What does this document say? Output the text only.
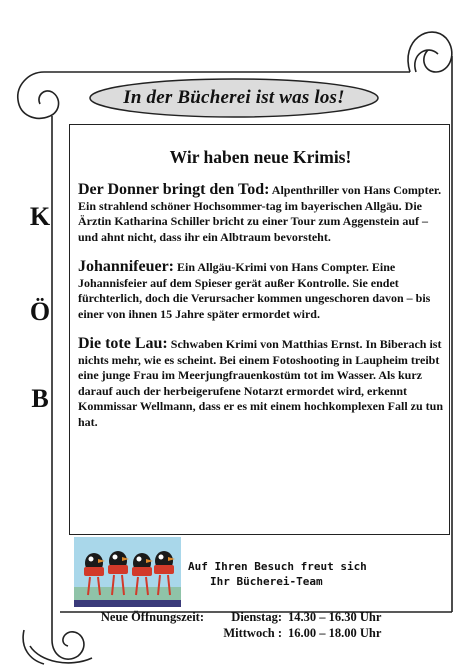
In der Bücherei ist was los!
K
Ö
B
Wir haben neue Krimis!

Der Donner bringt den Tod: Alpenthriller von Hans Compter. Ein strahlend schöner Hochsommer-tag im bayerischen Allgäu. Die Ärztin Katharina Schiller bricht zu einer Tour zum Aggenstein auf – und ahnt nicht, dass ihr ein Albtraum bevorsteht.

Johannifeuer: Ein Allgäu-Krimi von Hans Compter. Eine Johannisfeier auf dem Spieser gerät außer Kontrolle. Sie endet fürchterlich, doch die Verursacher kommen ungeschoren davon – bis einer von ihnen 15 Jahre später ermordet wird.

Die tote Lau: Schwaben Krimi von Matthias Ernst. In Biberach ist nichts mehr, wie es scheint. Bei einem Fotoshooting in Laupheim treibt eine junge Frau im Meerjungfrauenkostüm tot im Wasser. Als kurz darauf auch der herbeigerufene Notarzt ermordet wird, erkennt Kommissar Wellmann, dass er es mit einem hochkomplexen Fall zu tun hat.

Auf Ihren Besuch freut sich
Ihr Bücherei-Team
Neue Öffnungszeit:	Dienstag: 14.30 – 16.30 Uhr
Mittwoch : 16.00 – 18.00 Uhr
